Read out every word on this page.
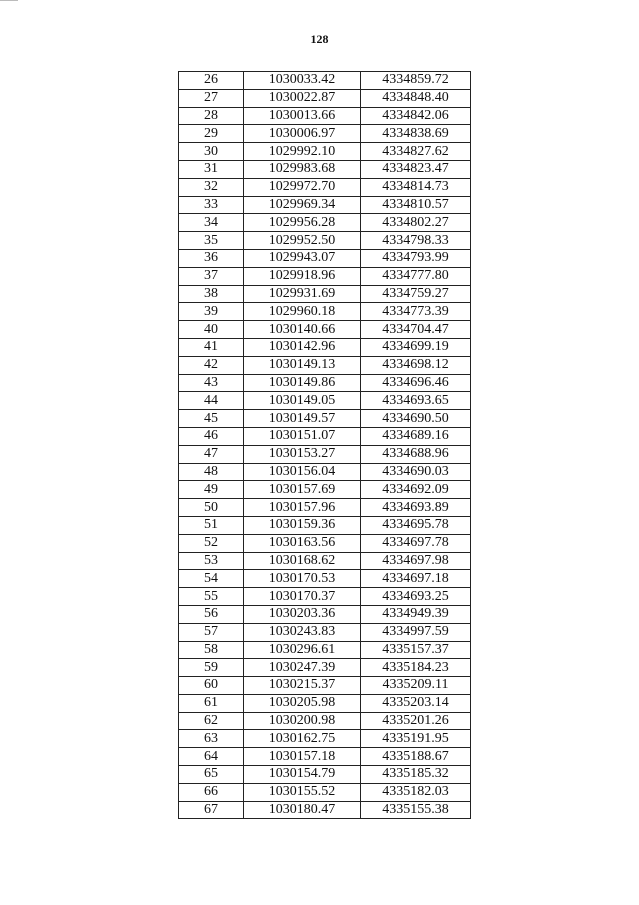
128
26	1030033.42	4334859.72
27	1030022.87	4334848.40
28	1030013.66	4334842.06
29	1030006.97	4334838.69
30	1029992.10	4334827.62
31	1029983.68	4334823.47
32	1029972.70	4334814.73
33	1029969.34	4334810.57
34	1029956.28	4334802.27
35	1029952.50	4334798.33
36	1029943.07	4334793.99
37	1029918.96	4334777.80
38	1029931.69	4334759.27
39	1029960.18	4334773.39
40	1030140.66	4334704.47
41	1030142.96	4334699.19
42	1030149.13	4334698.12
43	1030149.86	4334696.46
44	1030149.05	4334693.65
45	1030149.57	4334690.50
46	1030151.07	4334689.16
47	1030153.27	4334688.96
48	1030156.04	4334690.03
49	1030157.69	4334692.09
50	1030157.96	4334693.89
51	1030159.36	4334695.78
52	1030163.56	4334697.78
53	1030168.62	4334697.98
54	1030170.53	4334697.18
55	1030170.37	4334693.25
56	1030203.36	4334949.39
57	1030243.83	4334997.59
58	1030296.61	4335157.37
59	1030247.39	4335184.23
60	1030215.37	4335209.11
61	1030205.98	4335203.14
62	1030200.98	4335201.26
63	1030162.75	4335191.95
64	1030157.18	4335188.67
65	1030154.79	4335185.32
66	1030155.52	4335182.03
67	1030180.47	4335155.38
